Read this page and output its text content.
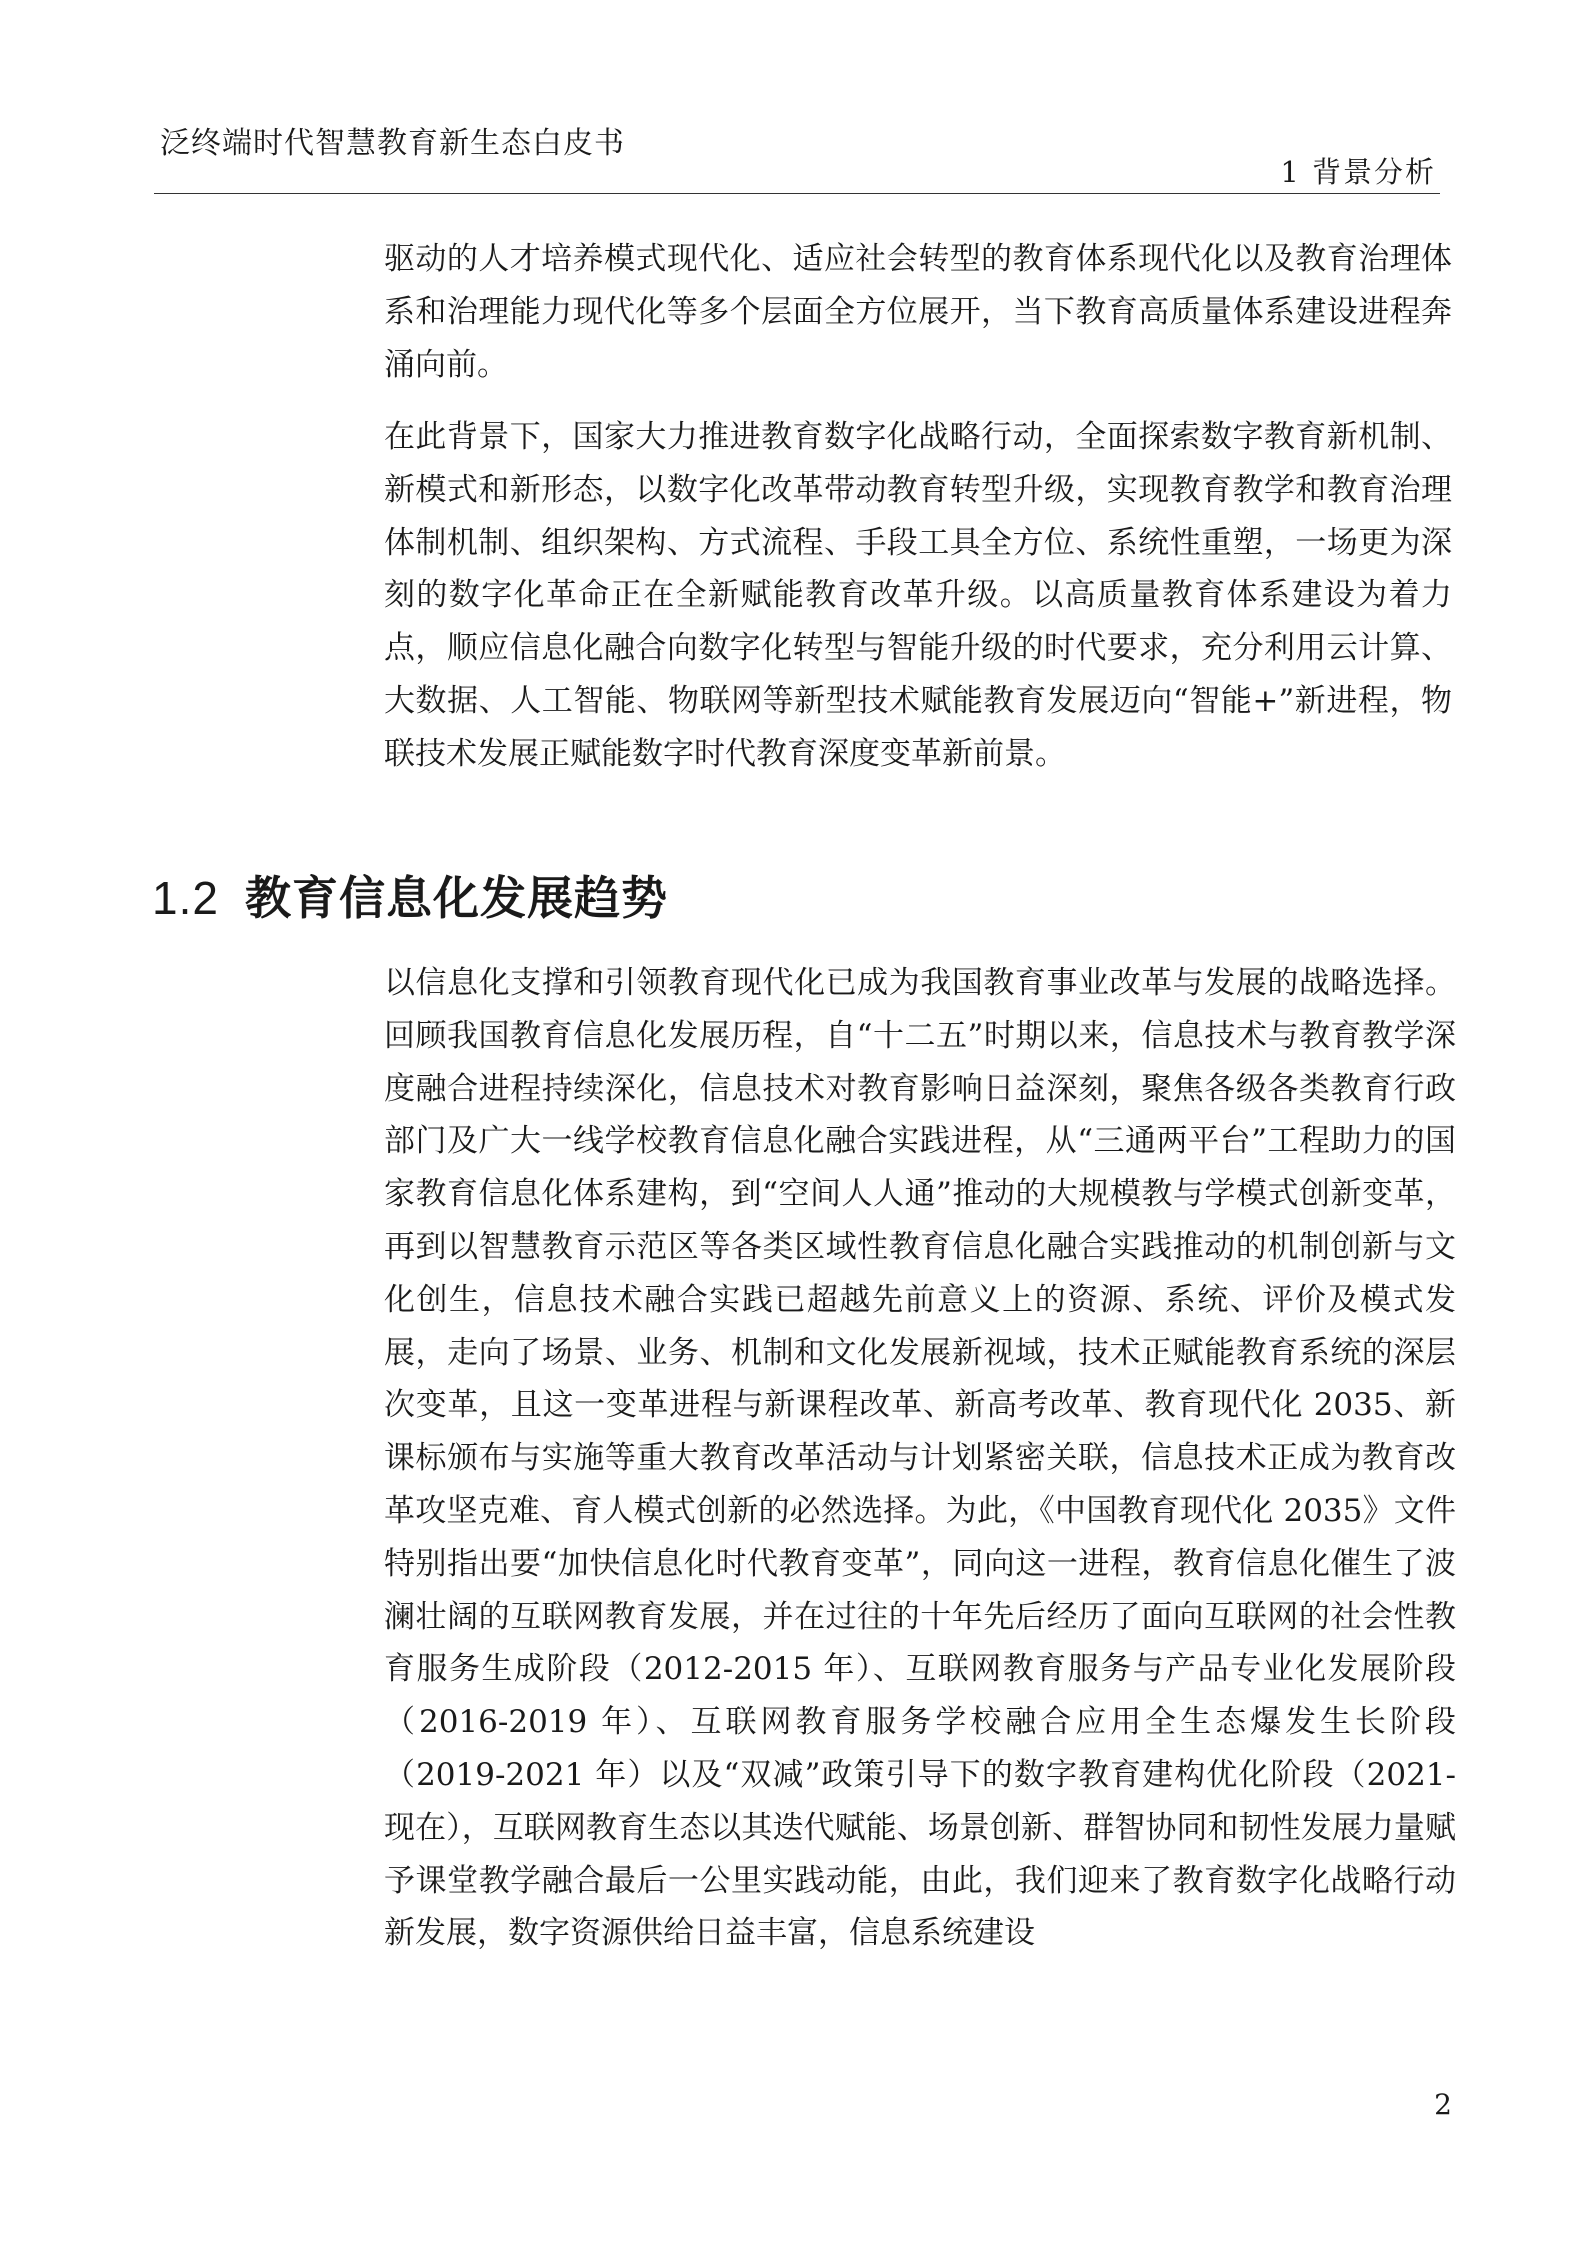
泛终端时代智慧教育新生态白皮书
1 背景分析

驱动的人才培养模式现代化、适应社会转型的教育体系现代化以及教育治理体系和治理能力现代化等多个层面全方位展开，当下教育高质量体系建设进程奔涌向前。

在此背景下，国家大力推进教育数字化战略行动，全面探索数字教育新机制、新模式和新形态，以数字化改革带动教育转型升级，实现教育教学和教育治理体制机制、组织架构、方式流程、手段工具全方位、系统性重塑，一场更为深刻的数字化革命正在全新赋能教育改革升级。以高质量教育体系建设为着力点，顺应信息化融合向数字化转型与智能升级的时代要求，充分利用云计算、大数据、人工智能、物联网等新型技术赋能教育发展迈向“智能+”新进程，物联技术发展正赋能数字时代教育深度变革新前景。

1.2 教育信息化发展趋势

以信息化支撑和引领教育现代化已成为我国教育事业改革与发展的战略选择。回顾我国教育信息化发展历程，自“十二五”时期以来，信息技术与教育教学深度融合进程持续深化，信息技术对教育影响日益深刻，聚焦各级各类教育行政部门及广大一线学校教育信息化融合实践进程，从“三通两平台”工程助力的国家教育信息化体系建构，到“空间人人通”推动的大规模教与学模式创新变革，再到以智慧教育示范区等各类区域性教育信息化融合实践推动的机制创新与文化创生，信息技术融合实践已超越先前意义上的资源、系统、评价及模式发展，走向了场景、业务、机制和文化发展新视域，技术正赋能教育系统的深层次变革，且这一变革进程与新课程改革、新高考改革、教育现代化 2035、新课标颁布与实施等重大教育改革活动与计划紧密关联，信息技术正成为教育改革攻坚克难、育人模式创新的必然选择。为此，《中国教育现代化 2035》文件特别指出要“加快信息化时代教育变革”，同向这一进程，教育信息化催生了波澜壮阔的互联网教育发展，并在过往的十年先后经历了面向互联网的社会性教育服务生成阶段（2012-2015 年）、互联网教育服务与产品专业化发展阶段（2016-2019 年）、互联网教育服务学校融合应用全生态爆发生长阶段（2019-2021 年）以及“双减”政策引导下的数字教育建构优化阶段（2021-现在），互联网教育生态以其迭代赋能、场景创新、群智协同和韧性发展力量赋予课堂教学融合最后一公里实践动能，由此，我们迎来了教育数字化战略行动新发展，数字资源供给日益丰富，信息系统建设

2
